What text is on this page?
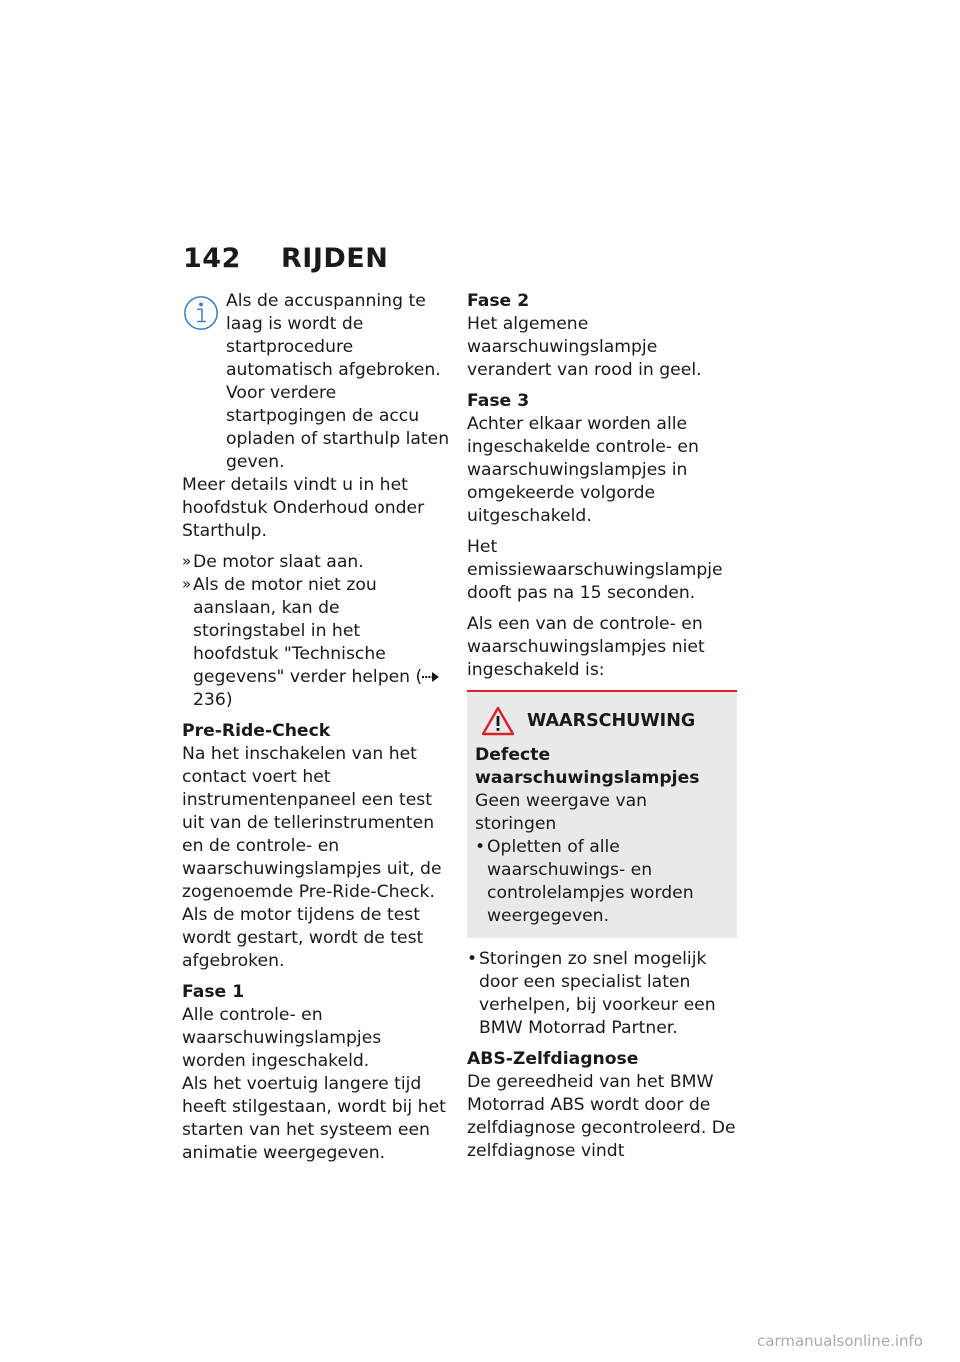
142 RIJDEN

Als de accuspanning te laag is wordt de startprocedure automatisch afgebroken. Voor verdere startpogingen de accu opladen of starthulp laten geven.

Meer details vindt u in het hoofdstuk Onderhoud onder Starthulp.

» De motor slaat aan.
» Als de motor niet zou aanslaan, kan de storingstabel in het hoofdstuk "Technische gegevens" verder helpen ( 236)

Pre-Ride-Check

Na het inschakelen van het contact voert het instrumentenpaneel een test uit van de tellerinstrumenten en de controle- en waarschuwingslampjes uit, de zogenoemde Pre-Ride-Check. Als de motor tijdens de test wordt gestart, wordt de test afgebroken.

Fase 1

Alle controle- en waarschuwingslampjes worden ingeschakeld.

Als het voertuig langere tijd heeft stilgestaan, wordt bij het starten van het systeem een animatie weergegeven.

Fase 2

Het algemene waarschuwingslampje verandert van rood in geel.

Fase 3

Achter elkaar worden alle ingeschakelde controle- en waarschuwingslampjes in omgekeerde volgorde uitgeschakeld.

Het emissiewaarschuwingslampje dooft pas na 15 seconden.

Als een van de controle- en waarschuwingslampjes niet ingeschakeld is:

WAARSCHUWING

Defecte waarschuwingslampjes

Geen weergave van storingen

• Opletten of alle waarschuwings- en controlelampjes worden weergegeven.
• Storingen zo snel mogelijk door een specialist laten verhelpen, bij voorkeur een BMW Motorrad Partner.

ABS-Zelfdiagnose

De gereedheid van het BMW Motorrad ABS wordt door de zelfdiagnose gecontroleerd. De zelfdiagnose vindt

carmanualsonline.info
